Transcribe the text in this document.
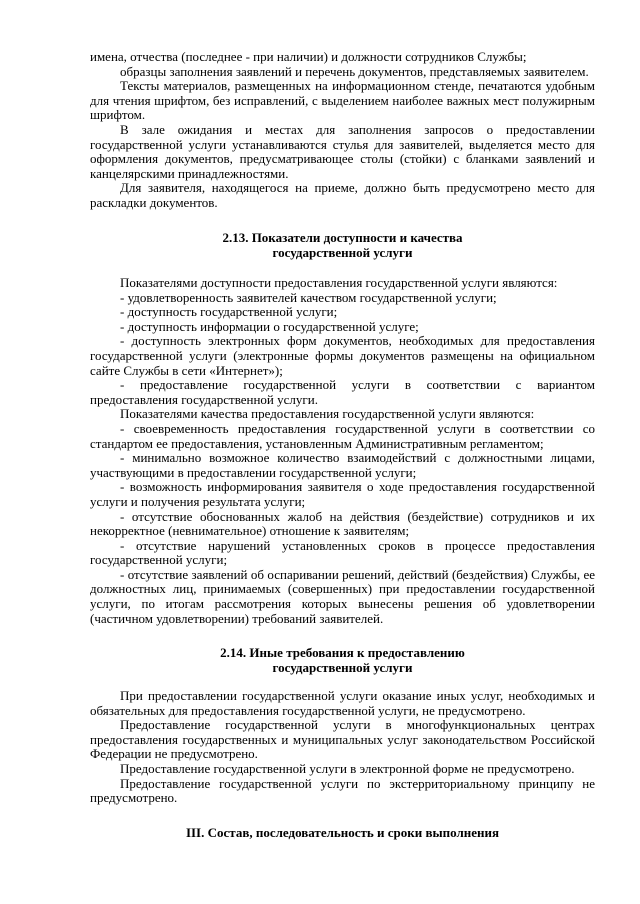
имена, отчества (последнее - при наличии) и должности сотрудников Службы;

образцы заполнения заявлений и перечень документов, представляемых заявителем.

Тексты материалов, размещенных на информационном стенде, печатаются удобным для чтения шрифтом, без исправлений, с выделением наиболее важных мест полужирным шрифтом.

В зале ожидания и местах для заполнения запросов о предоставлении государственной услуги устанавливаются стулья для заявителей, выделяется место для оформления документов, предусматривающее столы (стойки) с бланками заявлений и канцелярскими принадлежностями.

Для заявителя, находящегося на приеме, должно быть предусмотрено место для раскладки документов.

2.13. Показатели доступности и качества

государственной услуги

Показателями доступности предоставления государственной услуги являются:

- удовлетворенность заявителей качеством государственной услуги;

- доступность государственной услуги;

- доступность информации о государственной услуге;

- доступность электронных форм документов, необходимых для предоставления государственной услуги (электронные формы документов размещены на официальном сайте Службы в сети «Интернет»);

- предоставление государственной услуги в соответствии с вариантом предоставления государственной услуги.

Показателями качества предоставления государственной услуги являются:

- своевременность предоставления государственной услуги в соответствии со стандартом ее предоставления, установленным Административным регламентом;

- минимально возможное количество взаимодействий с должностными лицами, участвующими в предоставлении государственной услуги;

- возможность информирования заявителя о ходе предоставления государственной услуги и получения результата услуги;

- отсутствие обоснованных жалоб на действия (бездействие) сотрудников и их некорректное (невнимательное) отношение к заявителям;

- отсутствие нарушений установленных сроков в процессе предоставления государственной услуги;

- отсутствие заявлений об оспаривании решений, действий (бездействия) Службы, ее должностных лиц, принимаемых (совершенных) при предоставлении государственной услуги, по итогам рассмотрения которых вынесены решения об удовлетворении (частичном удовлетворении) требований заявителей.

2.14. Иные требования к предоставлению

государственной услуги

При предоставлении государственной услуги оказание иных услуг, необходимых и обязательных для предоставления государственной услуги, не предусмотрено.

Предоставление государственной услуги в многофункциональных центрах предоставления государственных и муниципальных услуг законодательством Российской Федерации не предусмотрено.

Предоставление государственной услуги в электронной форме не предусмотрено.

Предоставление государственной услуги по экстерриториальному принципу не предусмотрено.

III. Состав, последовательность и сроки выполнения
